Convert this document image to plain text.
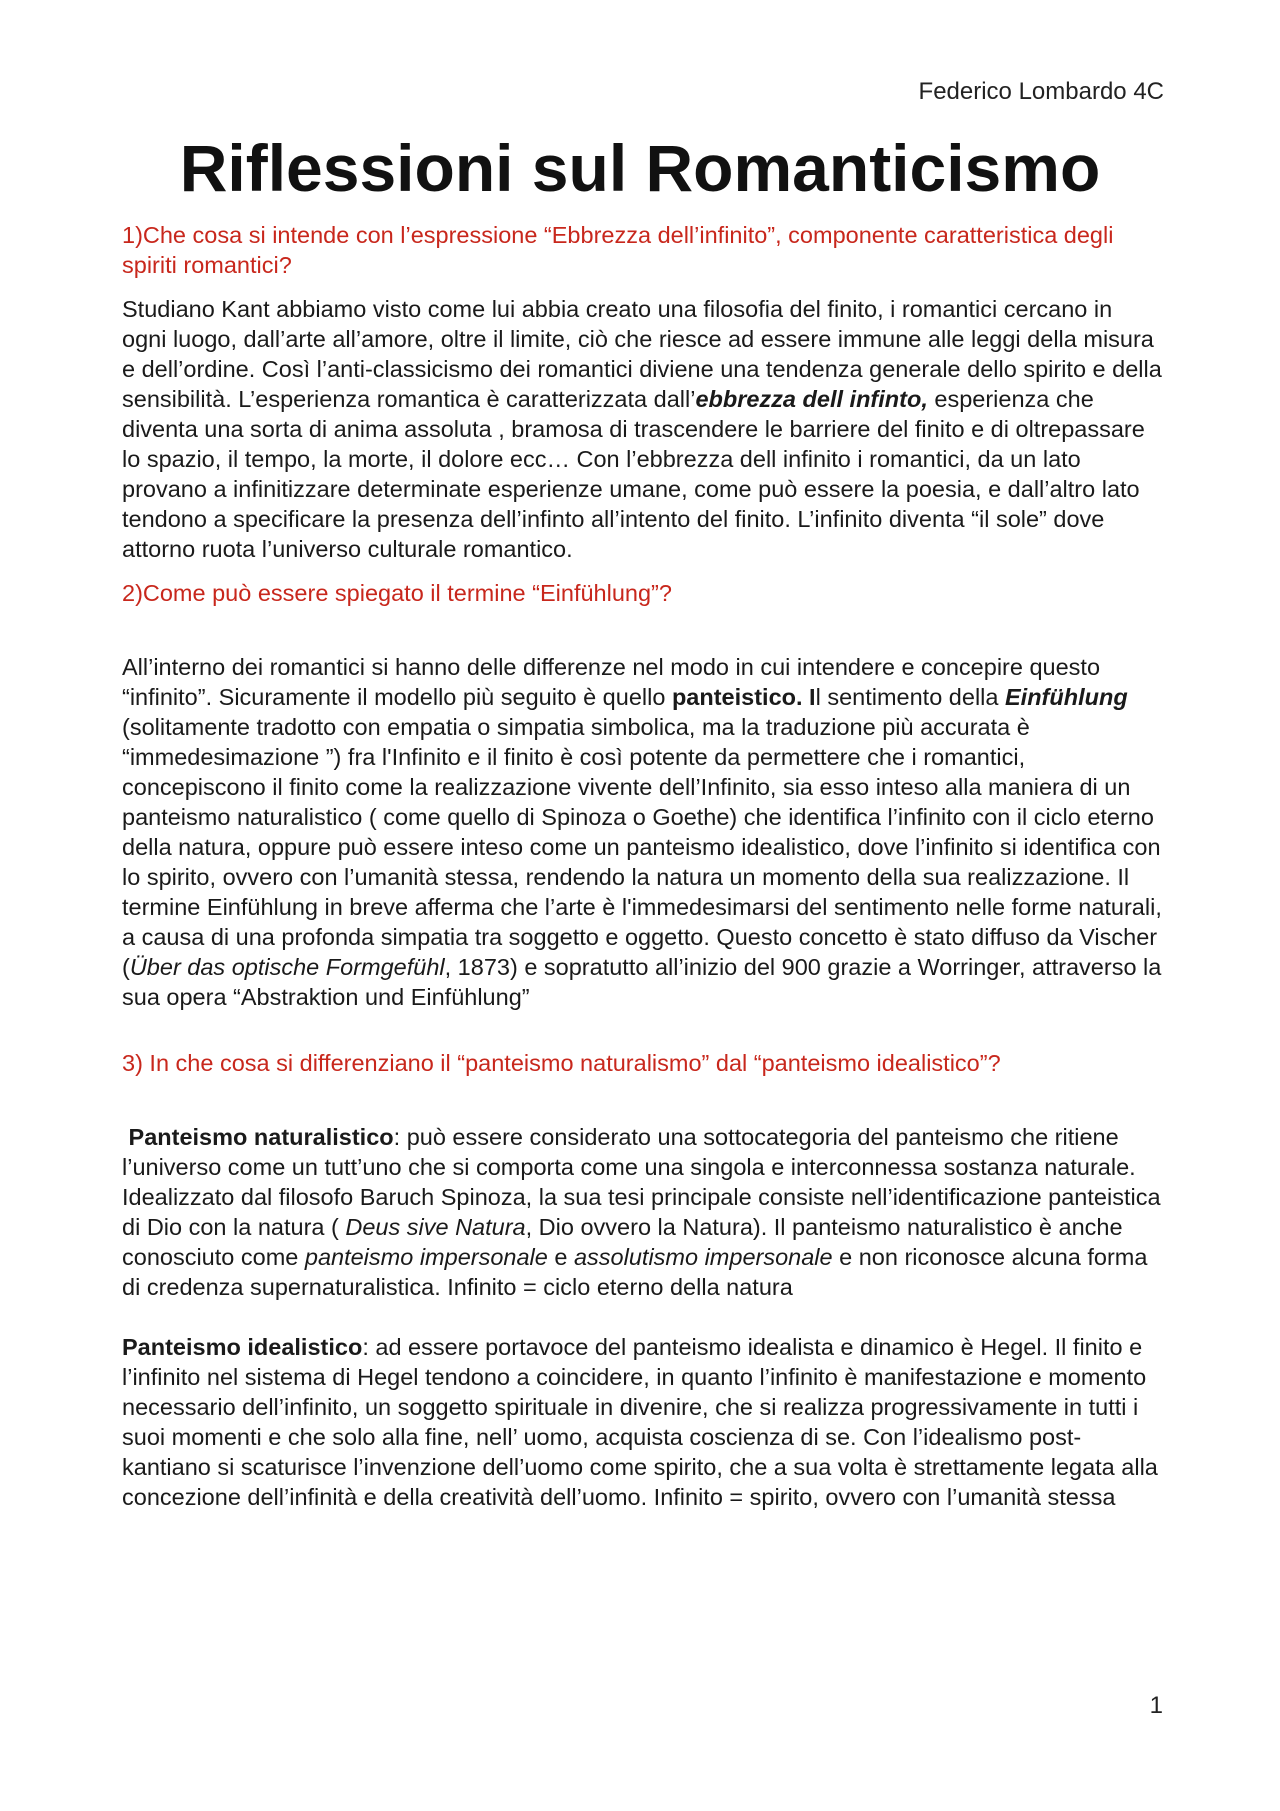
Federico Lombardo 4C
Riflessioni sul Romanticismo

1)Che cosa si intende con l’espressione “Ebbrezza dell’infinito”, componente caratteristica degli spiriti romantici?

Studiano Kant abbiamo visto come lui abbia creato una filosofia del finito, i romantici cercano in ogni luogo, dall’arte all’amore, oltre il limite, ciò che riesce ad essere immune alle leggi della misura e dell’ordine. Così l’anti-classicismo dei romantici diviene una tendenza generale dello spirito e della sensibilità. L’esperienza romantica è caratterizzata dall’ebbrezza dell infinto, esperienza che diventa una sorta di anima assoluta , bramosa di trascendere le barriere del finito e di oltrepassare lo spazio, il tempo, la morte, il dolore ecc… Con l’ebbrezza dell infinito i romantici, da un lato provano a infinitizzare determinate esperienze umane, come può essere la poesia, e dall’altro lato tendono a specificare la presenza dell’infinto all’intento del finito. L’infinito diventa “il sole” dove attorno ruota l’universo culturale romantico.

2)Come può essere spiegato il termine “Einfühlung”?

All’interno dei romantici si hanno delle differenze nel modo in cui intendere e concepire questo “infinito”. Sicuramente il modello più seguito è quello panteistico. Il sentimento della Einfühlung (solitamente tradotto con empatia o simpatia simbolica, ma la traduzione più accurata è “immedesimazione ”) fra l'Infinito e il finito è così potente da permettere che i romantici, concepiscono il finito come la realizzazione vivente dell’Infinito, sia esso inteso alla maniera di un panteismo naturalistico ( come quello di Spinoza o Goethe) che identifica l’infinito con il ciclo eterno della natura, oppure può essere inteso come un panteismo idealistico, dove l’infinito si identifica con lo spirito, ovvero con l’umanità stessa, rendendo la natura un momento della sua realizzazione. Il termine Einfühlung in breve afferma che l’arte è l'immedesimarsi del sentimento nelle forme naturali, a causa di una profonda simpatia tra soggetto e oggetto. Questo concetto è stato diffuso da Vischer (Über das optische Formgefühl, 1873) e sopratutto all’inizio del 900 grazie a Worringer, attraverso la sua opera “Abstraktion und Einfühlung”

3) In che cosa si differenziano il “panteismo naturalismo” dal “panteismo idealistico”?

Panteismo naturalistico: può essere considerato una sottocategoria del panteismo che ritiene l’universo come un tutt’uno che si comporta come una singola e interconnessa sostanza naturale. Idealizzato dal filosofo Baruch Spinoza, la sua tesi principale consiste nell’identificazione panteistica di Dio con la natura ( Deus sive Natura, Dio ovvero la Natura). Il panteismo naturalistico è anche conosciuto come panteismo impersonale e assolutismo impersonale e non riconosce alcuna forma di credenza supernaturalistica. Infinito = ciclo eterno della natura

Panteismo idealistico: ad essere portavoce del panteismo idealista e dinamico è Hegel. Il finito e l’infinito nel sistema di Hegel tendono a coincidere, in quanto l’infinito è manifestazione e momento necessario dell’infinito, un soggetto spirituale in divenire, che si realizza progressivamente in tutti i suoi momenti e che solo alla fine, nell’ uomo, acquista coscienza di se. Con l’idealismo post-kantiano si scaturisce l’invenzione dell’uomo come spirito, che a sua volta è strettamente legata alla concezione dell’infinità e della creatività dell’uomo. Infinito = spirito, ovvero con l’umanità stessa

1
